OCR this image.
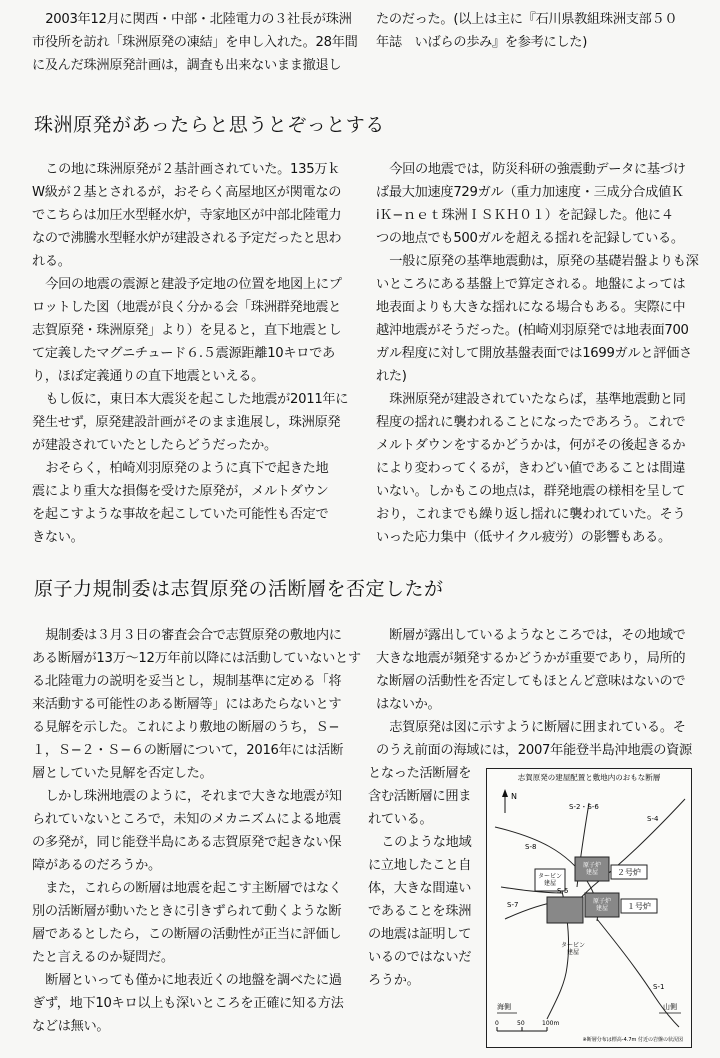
2003年12月に関西・中部・北陸電力の３社長が珠洲
市役所を訪れ「珠洲原発の凍結」を申し入れた。28年間
に及んだ珠洲原発計画は，調査も出来ないまま撤退し

たのだった。(以上は主に『石川県教組珠洲支部５０
年誌　いばらの歩み』を参考にした)

珠洲原発があったらと思うとぞっとする

この地に珠洲原発が２基計画されていた。135万ｋ
W級が２基とされるが，おそらく高屋地区が関電なの
でこちらは加圧水型軽水炉，寺家地区が中部北陸電力
なので沸騰水型軽水炉が建設される予定だったと思わ
れる。

今回の地震の震源と建設予定地の位置を地図上にプ
ロットした図（地震が良く分かる会「珠洲群発地震と
志賀原発・珠洲原発」より）を見ると，直下地震とし
て定義したマグニチュード６.５震源距離10キロであ
り，ほぼ定義通りの直下地震といえる。

もし仮に，東日本大震災を起こした地震が2011年に
発生せず，原発建設計画がそのまま進展し，珠洲原発
が建設されていたとしたらどうだったか。

おそらく，柏崎刈羽原発のように真下で起きた地
震により重大な損傷を受けた原発が，メルトダウン
を起こすような事故を起こしていた可能性も否定で
きない。

今回の地震では，防災科研の強震動データに基づけ
ば最大加速度729ガル（重力加速度・三成分合成値Ｋ
iＫ−ｎｅｔ珠洲ＩＳＫＨ０１）を記録した。他に４
つの地点でも500ガルを超える揺れを記録している。

一般に原発の基準地震動は，原発の基礎岩盤よりも深
いところにある基盤上で算定される。地盤によっては
地表面よりも大きな揺れになる場合もある。実際に中
越沖地震がそうだった。(柏崎刈羽原発では地表面700
ガル程度に対して開放基盤表面では1699ガルと評価さ
れた)

珠洲原発が建設されていたならば，基準地震動と同
程度の揺れに襲われることになったであろう。これで
メルトダウンをするかどうかは，何がその後起きるか
により変わってくるが，きわどい値であることは間違
いない。しかもこの地点は，群発地震の様相を呈して
おり，これまでも繰り返し揺れに襲われていた。そう
いった応力集中（低サイクル疲労）の影響もある。

原子力規制委は志賀原発の活断層を否定したが

規制委は３月３日の審査会合で志賀原発の敷地内に
ある断層が13万〜12万年前以降には活動していないとす
る北陸電力の説明を妥当とし，規制基準に定める「将
来活動する可能性のある断層等」にはあたらないとす
る見解を示した。これにより敷地の断層のうち，Ｓ−
１，Ｓ−２・Ｓ−６の断層について，2016年には活断
層としていた見解を否定した。

しかし珠洲地震のように，それまで大きな地震が知
られていないところで，未知のメカニズムによる地震
の多発が，同じ能登半島にある志賀原発で起きない保
障があるのだろうか。

また，これらの断層は地震を起こす主断層ではなく
別の活断層が動いたときに引きずられて動くような断
層であるとしたら，この断層の活動性が正当に評価し
たと言えるのか疑問だ。

断層といっても僅かに地表近くの地盤を調べたに過
ぎず，地下10キロ以上も深いところを正確に知る方法
などは無い。

断層が露出しているようなところでは，その地域で
大きな地震が頻発するかどうかが重要であり，局所的
な断層の活動性を否定してもほとんど意味はないので
はないか。

志賀原発は図に示すように断層に囲まれている。そ
のうえ前面の海域には，2007年能登半島沖地震の資源

となった活断層を
含む活断層に囲ま
れている。

このような地域
に立地したこと自
体，大きな間違い
であることを珠洲
の地震は証明して
いるのではないだ
ろうか。

志賀原発の建屋配置と敷地内のおもな断層
N
タービン建屋
原子炉建屋	２号炉
原子炉建屋	１号炉
タービン建屋
S-2・S-6
S-4
S-8
S-7
S-5
S-1
海側	山側
0	50	100m
※断層分布は標高-4.7m 付近の岩盤の状況図
